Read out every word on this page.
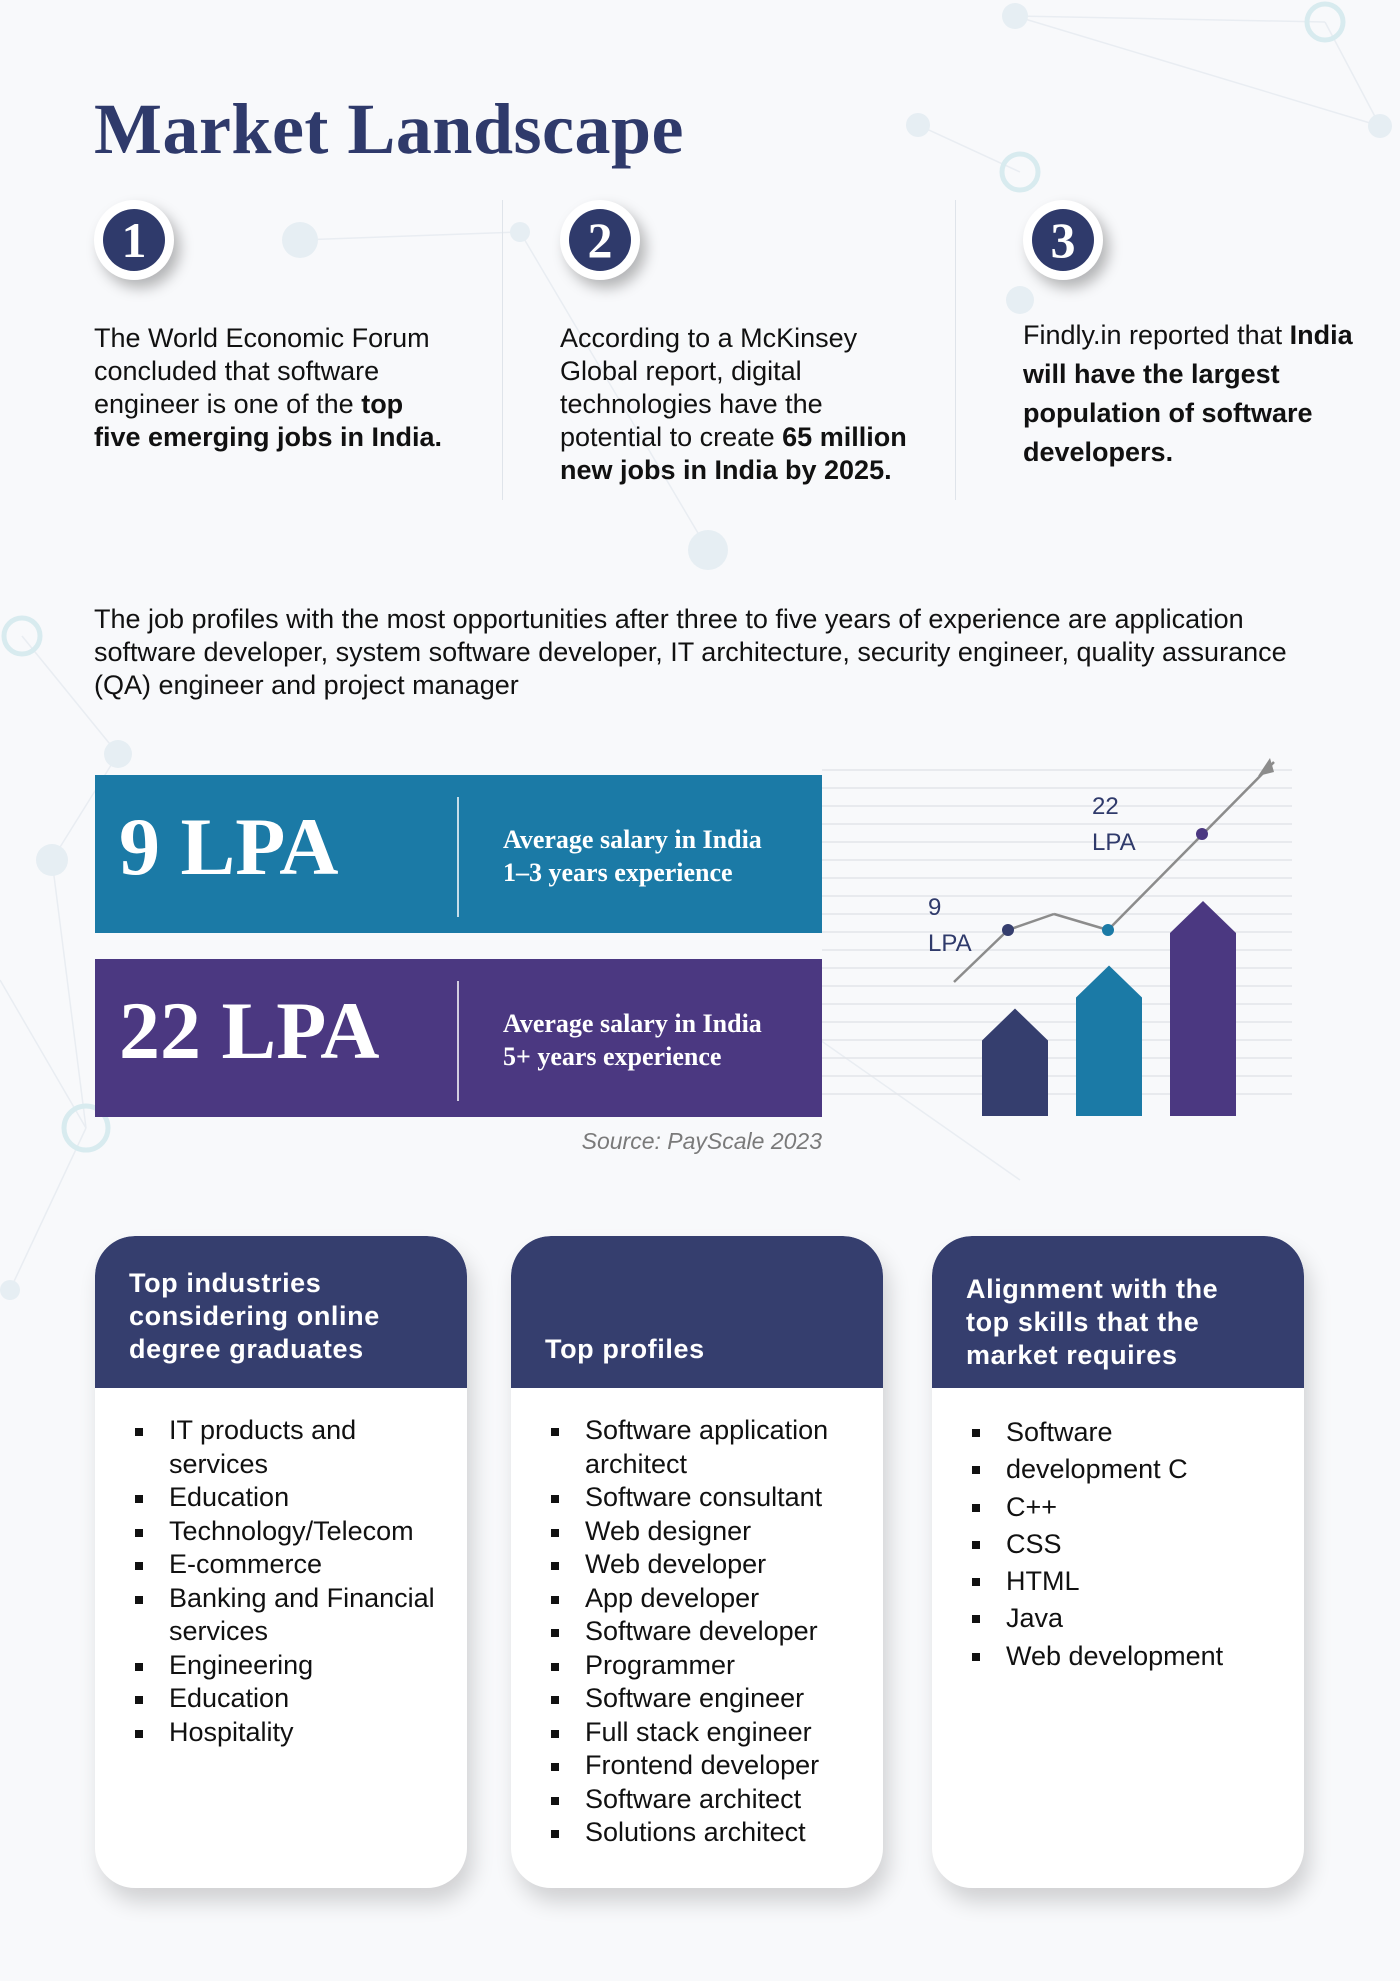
Market Landscape
1
The World Economic Forum concluded that software engineer is one of the top five emerging jobs in India.
2
According to a McKinsey Global report, digital technologies have the potential to create 65 million new jobs in India by 2025.
3
Findly.in reported that India will have the largest population of software developers.

The job profiles with the most opportunities after three to five years of experience are application software developer, system software developer, IT architecture, security engineer, quality assurance (QA) engineer and project manager

9 LPA	Average salary in India
1–3 years experience
22 LPA	Average salary in India
5+ years experience
9
LPA
22
LPA
Source: PayScale 2023
Top industries considering online degree graduates
IT products and services
Education
Technology/Telecom
E-commerce
Banking and Financial services
Engineering
Education
Hospitality
Top profiles
Software application architect
Software consultant
Web designer
Web developer
App developer
Software developer
Programmer
Software engineer
Full stack engineer
Frontend developer
Software architect
Solutions architect
Alignment with the top skills that the market requires
Software
development C
C++
CSS
HTML
Java
Web development
